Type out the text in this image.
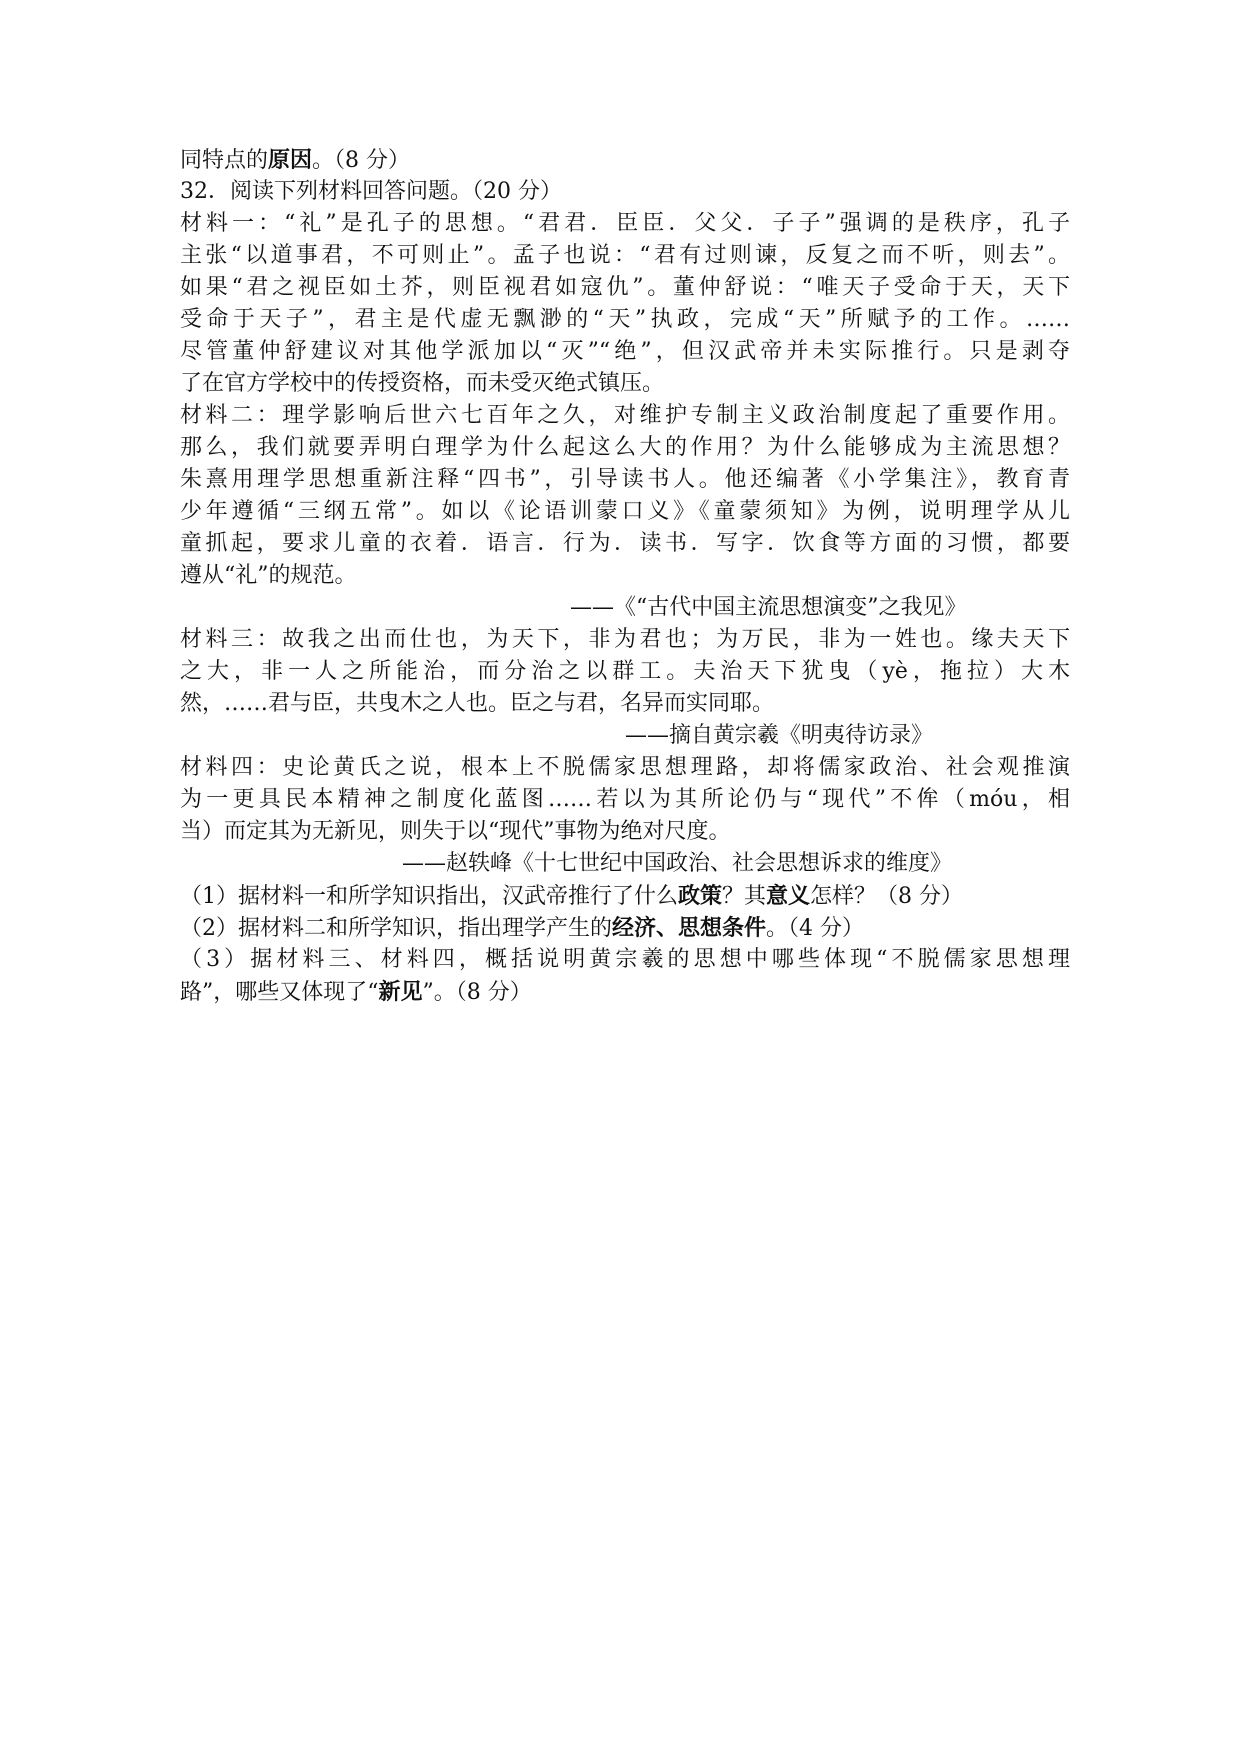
同特点的原因。（8 分）
32．阅读下列材料回答问题。（20 分）
材料一：“礼”是孔子的思想。“君君．臣臣．父父．子子”强调的是秩序，孔子
主张“以道事君，不可则止”。孟子也说：“君有过则谏，反复之而不听，则去”。
如果“君之视臣如土芥，则臣视君如寇仇”。董仲舒说：“唯天子受命于天，天下
受命于天子”，君主是代虚无飘渺的“天”执政，完成“天”所赋予的工作。……
尽管董仲舒建议对其他学派加以“灭”“绝”，但汉武帝并未实际推行。只是剥夺
了在官方学校中的传授资格，而未受灭绝式镇压。
材料二：理学影响后世六七百年之久，对维护专制主义政治制度起了重要作用。
那么，我们就要弄明白理学为什么起这么大的作用？为什么能够成为主流思想？
朱熹用理学思想重新注释“四书”，引导读书人。他还编著《小学集注》，教育青
少年遵循“三纲五常”。如以《论语训蒙口义》《童蒙须知》为例，说明理学从儿
童抓起，要求儿童的衣着．语言．行为．读书．写字．饮食等方面的习惯，都要
遵从“礼”的规范。
——《“古代中国主流思想演变”之我见》
材料三：故我之出而仕也，为天下，非为君也；为万民，非为一姓也。缘夫天下
之大，非一人之所能治，而分治之以群工。夫治天下犹曳（yè，拖拉）大木
然，……君与臣，共曳木之人也。臣之与君，名异而实同耶。
——摘自黄宗羲《明夷待访录》
材料四：史论黄氏之说，根本上不脱儒家思想理路，却将儒家政治、社会观推演
为一更具民本精神之制度化蓝图……若以为其所论仍与“现代”不侔（móu，相
当）而定其为无新见，则失于以“现代”事物为绝对尺度。
——赵轶峰《十七世纪中国政治、社会思想诉求的维度》
（1）据材料一和所学知识指出，汉武帝推行了什么政策？其意义怎样？（8 分）
（2）据材料二和所学知识，指出理学产生的经济、思想条件。（4 分）
（3）据材料三、材料四，概括说明黄宗羲的思想中哪些体现“不脱儒家思想理
路”，哪些又体现了“新见”。（8 分）
